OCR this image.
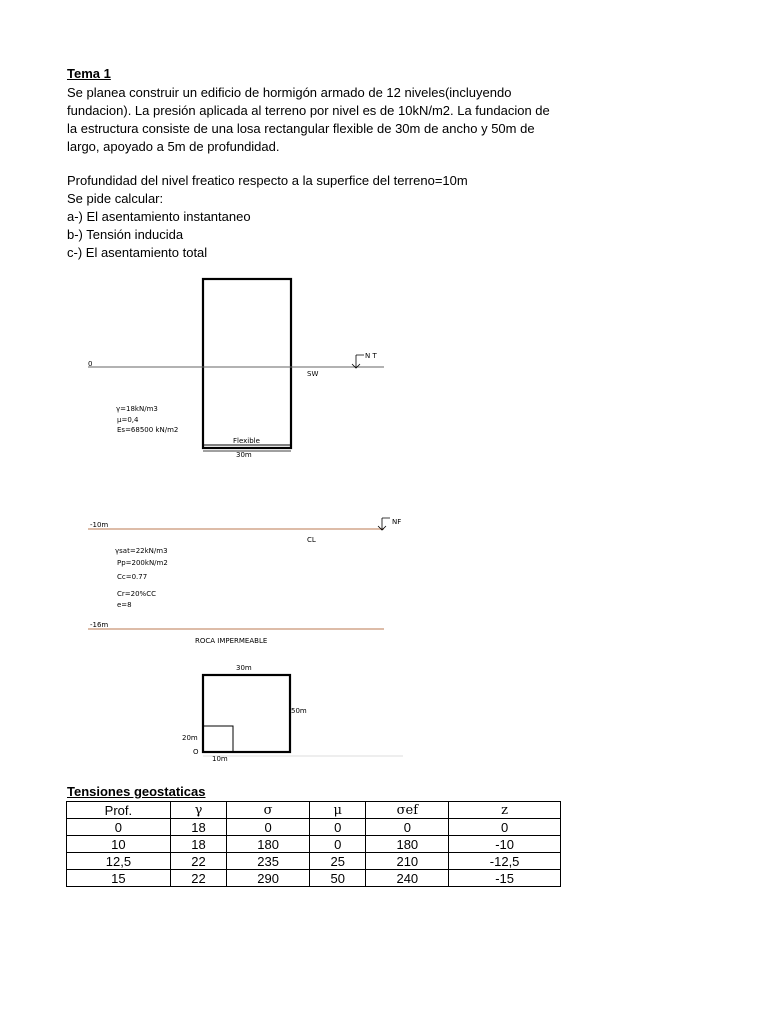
Tema 1

Se planea construir un edificio de hormigón armado de 12 niveles(incluyendo
fundacion). La presión aplicada al terreno por nivel es de 10kN/m2. La fundacion de
la estructura consiste de una losa rectangular flexible de 30m de ancho y 50m de
largo, apoyado a 5m de profundidad.

Profundidad del nivel freatico respecto a la superfice del terreno=10m
Se pide calcular:
a-) El asentamiento instantaneo
b-) Tensión inducida
c-) El asentamiento total

0
N T
SW
γ=18kN/m3
μ=0,4
Es=68500 kN/m2
Flexible
30m
-10m	NF
CL
γsat=22kN/m3
Pp=200kN/m2
Cc=0.77
Cr=20%CC
e=8
-16m
ROCA IMPERMEABLE
30m
50m
20m
O
10m
Tensiones geostaticas
Prof.	γ	σ	μ	σef	z
0	18	0	0	0	0
10	18	180	0	180	-10
12,5	22	235	25	210	-12,5
15	22	290	50	240	-15
